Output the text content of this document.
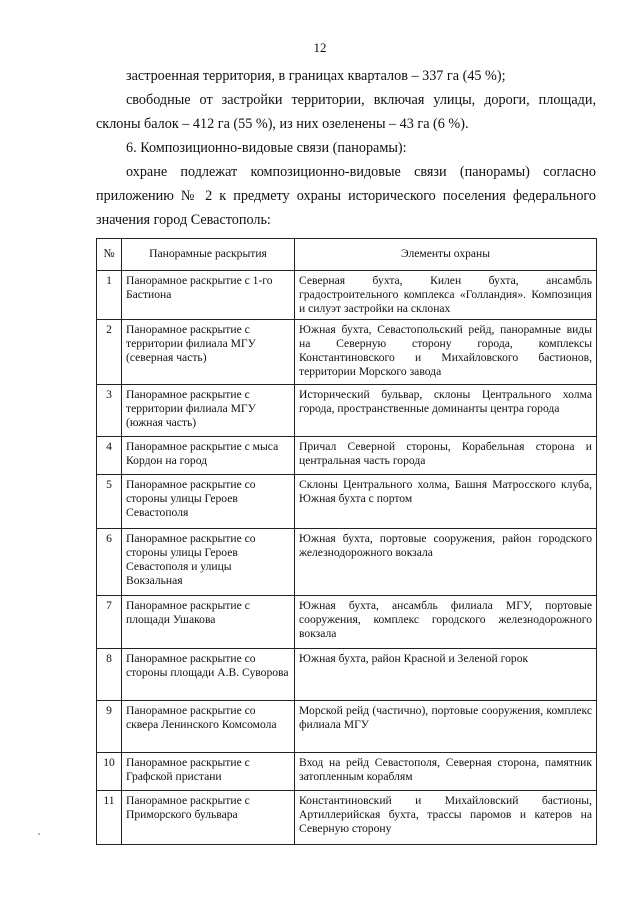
12

застроенная территория, в границах кварталов – 337 га (45 %);

свободные от застройки территории, включая улицы, дороги, площади, склоны балок – 412 га (55 %), из них озеленены – 43 га (6 %).

6. Композиционно-видовые связи (панорамы):

охране подлежат композиционно-видовые связи (панорамы) согласно приложению № 2 к предмету охраны исторического поселения федерального значения город Севастополь:

№	Панорамные раскрытия	Элементы охраны
1	Панорамное раскрытие с 1-го Бастиона	Северная бухта, Килен бухта, ансамбль градостроительного комплекса «Голландия». Композиция и силуэт застройки на склонах
2	Панорамное раскрытие с территории филиала МГУ (северная часть)	Южная бухта, Севастопольский рейд, панорамные виды на Северную сторону города, комплексы Константиновского и Михайловского бастионов, территории Морского завода
3	Панорамное раскрытие с территории филиала МГУ (южная часть)	Исторический бульвар, склоны Центрального холма города, пространственные доминанты центра города
4	Панорамное раскрытие с мыса Кордон на город	Причал Северной стороны, Корабельная сторона и центральная часть города
5	Панорамное раскрытие со стороны улицы Героев Севастополя	Склоны Центрального холма, Башня Матросского клуба, Южная бухта с портом
6	Панорамное раскрытие со стороны улицы Героев Севастополя и улицы Вокзальная	Южная бухта, портовые сооружения, район городского железнодорожного вокзала
7	Панорамное раскрытие с площади Ушакова	Южная бухта, ансамбль филиала МГУ, портовые сооружения, комплекс городского железнодорожного вокзала
8	Панорамное раскрытие со стороны площади А.В. Суворова	Южная бухта, район Красной и Зеленой горок
9	Панорамное раскрытие со сквера Ленинского Комсомола	Морской рейд (частично), портовые сооружения, комплекс филиала МГУ
10	Панорамное раскрытие с Графской пристани	Вход на рейд Севастополя, Северная сторона, памятник затопленным кораблям
11	Панорамное раскрытие с Приморского бульвара	Константиновский и Михайловский бастионы, Артиллерийская бухта, трассы паромов и катеров на Северную сторону
